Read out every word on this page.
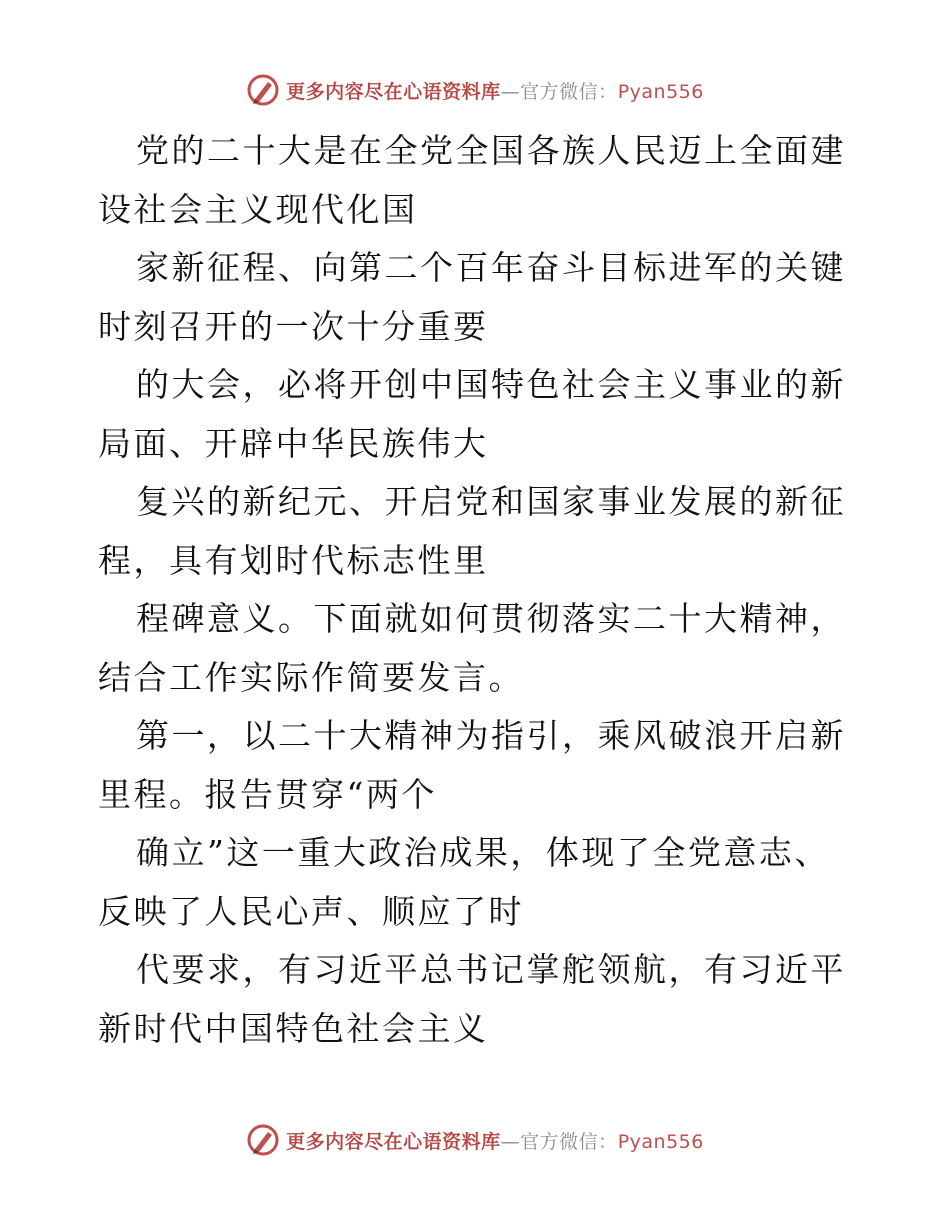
更多内容尽在心语资料库—官方微信：Pyan556

党的二十大是在全党全国各族人民迈上全面建设社会主义现代化国

家新征程、向第二个百年奋斗目标进军的关键时刻召开的一次十分重要

的大会，必将开创中国特色社会主义事业的新局面、开辟中华民族伟大

复兴的新纪元、开启党和国家事业发展的新征程，具有划时代标志性里

程碑意义。下面就如何贯彻落实二十大精神，结合工作实际作简要发言。

第一，以二十大精神为指引，乘风破浪开启新里程。报告贯穿“两个

确立”这一重大政治成果，体现了全党意志、反映了人民心声、顺应了时

代要求，有习近平总书记掌舵领航，有习近平新时代中国特色社会主义

更多内容尽在心语资料库—官方微信：Pyan556
